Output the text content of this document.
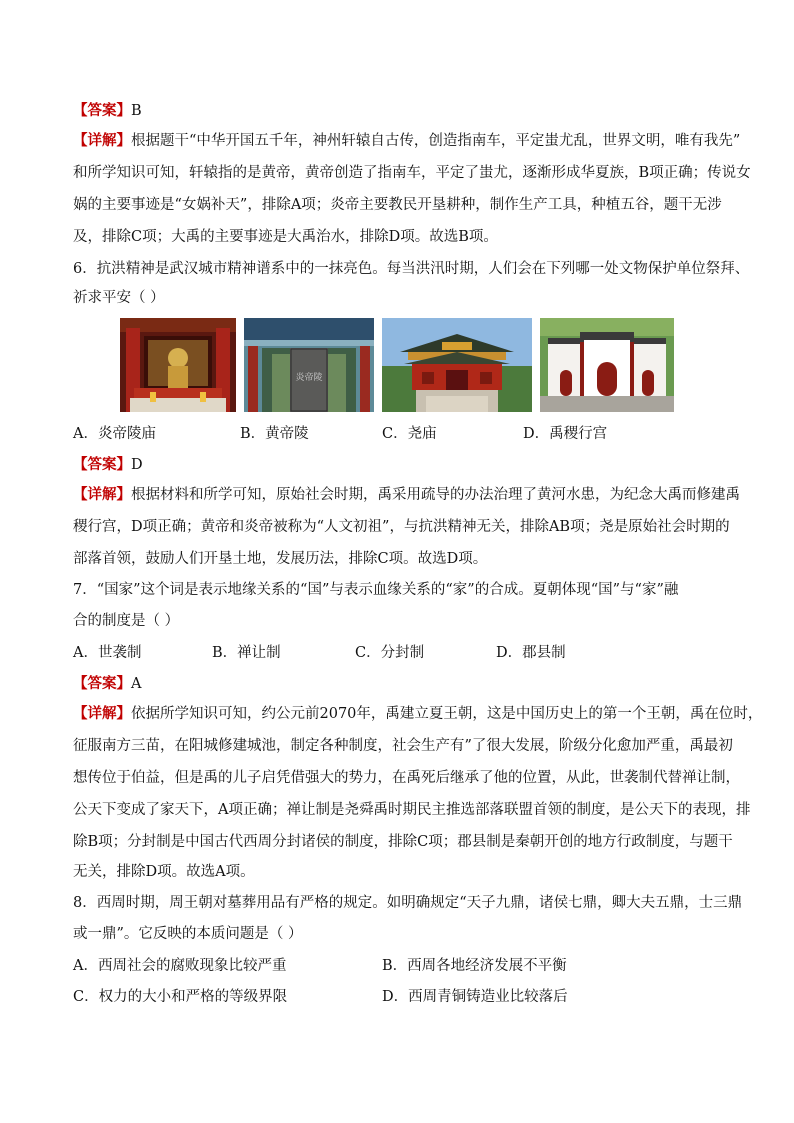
【答案】B
【详解】根据题干“中华开国五千年，神州轩辕自古传，创造指南车，平定蚩尤乱，世界文明，唯有我先”
和所学知识可知，轩辕指的是黄帝，黄帝创造了指南车，平定了蚩尤，逐渐形成华夏族，B项正确；传说女
娲的主要事迹是“女娲补天”，排除A项；炎帝主要教民开垦耕种，制作生产工具，种植五谷，题干无涉
及，排除C项；大禹的主要事迹是大禹治水，排除D项。故选B项。
6．抗洪精神是武汉城市精神谱系中的一抹亮色。每当洪汛时期，人们会在下列哪一处文物保护单位祭拜、
祈求平安（ ）
炎帝陵
A．炎帝陵庙	B．黄帝陵	C．尧庙	D．禹稷行宫
【答案】D
【详解】根据材料和所学可知，原始社会时期，禹采用疏导的办法治理了黄河水患，为纪念大禹而修建禹
稷行宫，D项正确；黄帝和炎帝被称为“人文初祖”，与抗洪精神无关，排除AB项；尧是原始社会时期的
部落首领，鼓励人们开垦土地，发展历法，排除C项。故选D项。
7．“国家”这个词是表示地缘关系的“国”与表示血缘关系的“家”的合成。夏朝体现“国”与“家”融
合的制度是（ ）
A．世袭制	B．禅让制	C．分封制	D．郡县制
【答案】A
【详解】依据所学知识可知，约公元前2070年，禹建立夏王朝，这是中国历史上的第一个王朝，禹在位时，
征服南方三苗，在阳城修建城池，制定各种制度，社会生产有”了很大发展，阶级分化愈加严重，禹最初
想传位于伯益，但是禹的儿子启凭借强大的势力，在禹死后继承了他的位置，从此，世袭制代替禅让制，
公天下变成了家天下，A项正确；禅让制是尧舜禹时期民主推选部落联盟首领的制度，是公天下的表现，排
除B项；分封制是中国古代西周分封诸侯的制度，排除C项；郡县制是秦朝开创的地方行政制度，与题干
无关，排除D项。故选A项。
8．西周时期，周王朝对墓葬用品有严格的规定。如明确规定“天子九鼎，诸侯七鼎，卿大夫五鼎，士三鼎
或一鼎”。它反映的本质问题是（ ）
A．西周社会的腐败现象比较严重	B．西周各地经济发展不平衡
C．权力的大小和严格的等级界限	D．西周青铜铸造业比较落后
